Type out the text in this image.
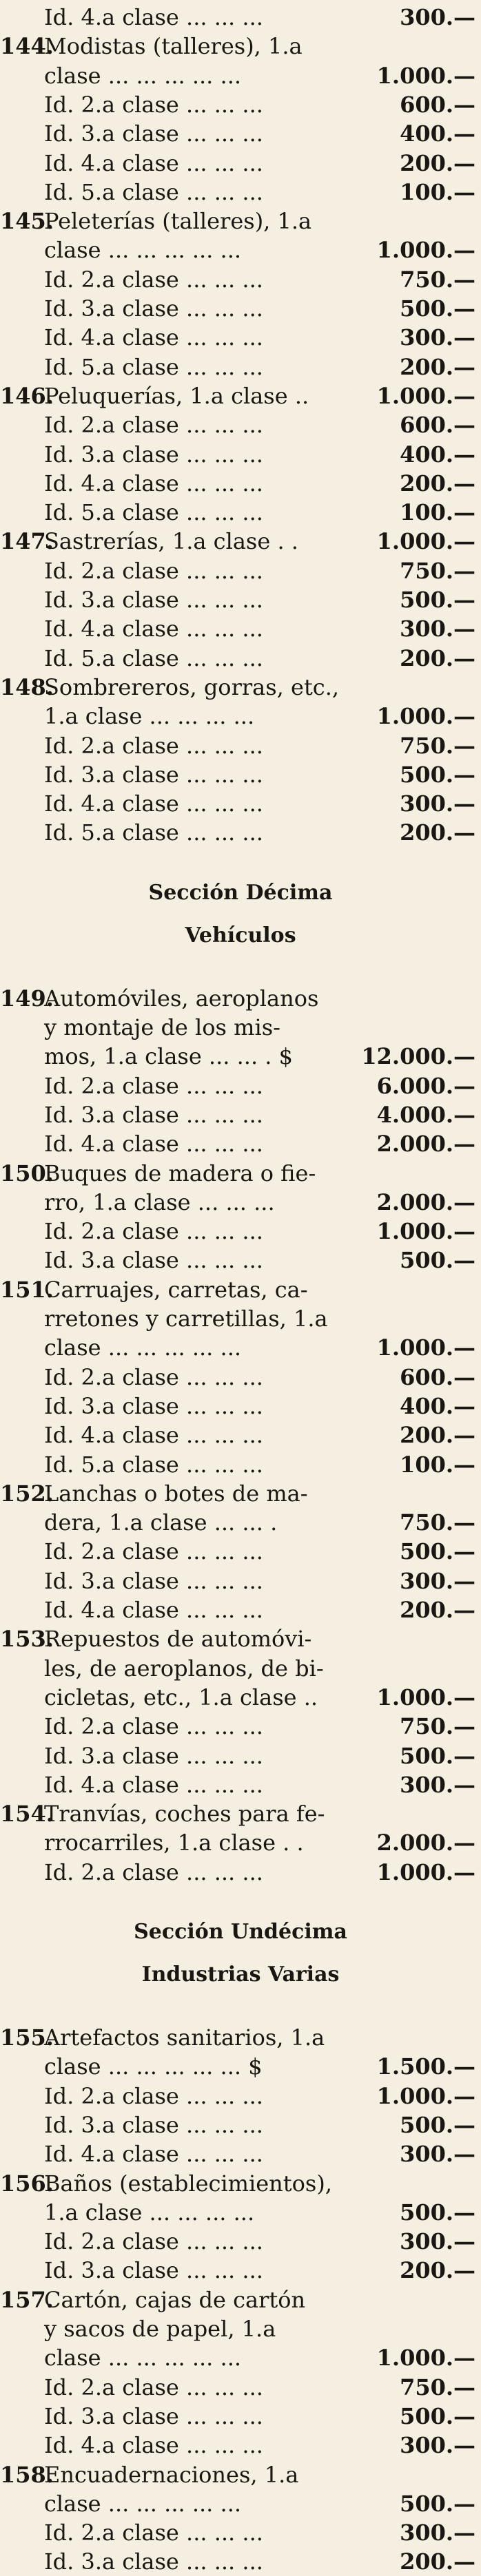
Id. 4.a clase ... ... ...	300.—
144.Modistas (talleres), 1.a
clase ... ... ... ... ...	1.000.—
Id. 2.a clase ... ... ...	600.—
Id. 3.a clase ... ... ...	400.—
Id. 4.a clase ... ... ...	200.—
Id. 5.a clase ... ... ...	100.—
145.Peleterías (talleres), 1.a
clase ... ... ... ... ...	1.000.—
Id. 2.a clase ... ... ...	750.—
Id. 3.a clase ... ... ...	500.—
Id. 4.a clase ... ... ...	300.—
Id. 5.a clase ... ... ...	200.—
146.Peluquerías, 1.a clase ..	1.000.—
Id. 2.a clase ... ... ...	600.—
Id. 3.a clase ... ... ...	400.—
Id. 4.a clase ... ... ...	200.—
Id. 5.a clase ... ... ...	100.—
147.Sastrerías, 1.a clase . .	1.000.—
Id. 2.a clase ... ... ...	750.—
Id. 3.a clase ... ... ...	500.—
Id. 4.a clase ... ... ...	300.—
Id. 5.a clase ... ... ...	200.—
148.Sombrereros, gorras, etc.,
1.a clase ... ... ... ...	1.000.—
Id. 2.a clase ... ... ...	750.—
Id. 3.a clase ... ... ...	500.—
Id. 4.a clase ... ... ...	300.—
Id. 5.a clase ... ... ...	200.—
Sección Décima
Vehículos
149.Automóviles, aeroplanos
y montaje de los mis-
mos, 1.a clase ... ... . $	12.000.—
Id. 2.a clase ... ... ...	6.000.—
Id. 3.a clase ... ... ...	4.000.—
Id. 4.a clase ... ... ...	2.000.—
150.Buques de madera o fie-
rro, 1.a clase ... ... ...	2.000.—
Id. 2.a clase ... ... ...	1.000.—
Id. 3.a clase ... ... ...	500.—
151.Carruajes, carretas, ca-
rretones y carretillas, 1.a
clase ... ... ... ... ...	1.000.—
Id. 2.a clase ... ... ...	600.—
Id. 3.a clase ... ... ...	400.—
Id. 4.a clase ... ... ...	200.—
Id. 5.a clase ... ... ...	100.—
152.Lanchas o botes de ma-
dera, 1.a clase ... ... .	750.—
Id. 2.a clase ... ... ...	500.—
Id. 3.a clase ... ... ...	300.—
Id. 4.a clase ... ... ...	200.—
153.Repuestos de automóvi-
les, de aeroplanos, de bi-
cicletas, etc., 1.a clase ..	1.000.—
Id. 2.a clase ... ... ...	750.—
Id. 3.a clase ... ... ...	500.—
Id. 4.a clase ... ... ...	300.—
154.Tranvías, coches para fe-
rrocarriles, 1.a clase . .	2.000.—
Id. 2.a clase ... ... ...	1.000.—
Sección Undécima
Industrias Varias
155.Artefactos sanitarios, 1.a
clase ... ... ... ... ... $	1.500.—
Id. 2.a clase ... ... ...	1.000.—
Id. 3.a clase ... ... ...	500.—
Id. 4.a clase ... ... ...	300.—
156.Baños (establecimientos),
1.a clase ... ... ... ...	500.—
Id. 2.a clase ... ... ...	300.—
Id. 3.a clase ... ... ...	200.—
157.Cartón, cajas de cartón
y sacos de papel, 1.a
clase ... ... ... ... ...	1.000.—
Id. 2.a clase ... ... ...	750.—
Id. 3.a clase ... ... ...	500.—
Id. 4.a clase ... ... ...	300.—
158.Encuadernaciones, 1.a
clase ... ... ... ... ...	500.—
Id. 2.a clase ... ... ...	300.—
Id. 3.a clase ... ... ...	200.—
